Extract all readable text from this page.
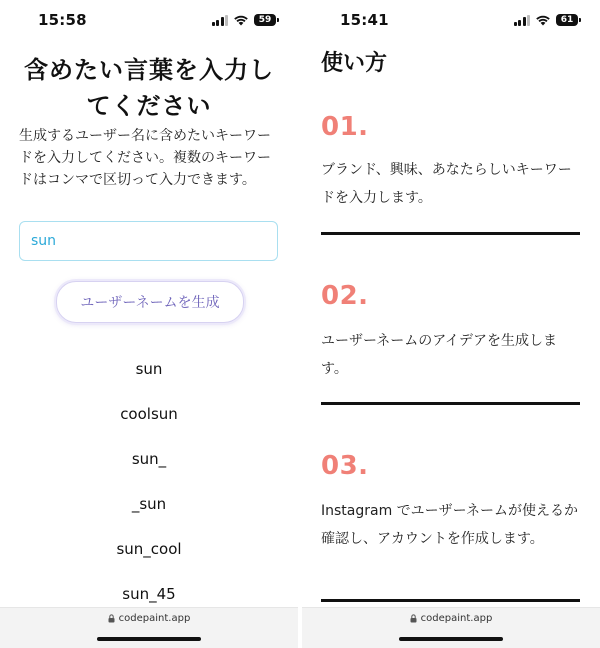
15:58	59
含めたい言葉を入力してください
生成するユーザー名に含めたいキーワードを入力してください。複数のキーワードはコンマで区切って入力できます。
sun
ユーザーネームを生成
sun
coolsun
sun_
_sun
sun_cool
sun_45
codepaint.app
15:41	61
使い方
01.
ブランド、興味、あなたらしいキーワードを入力します。
02.
ユーザーネームのアイデアを生成します。
03.
Instagram でユーザーネームが使えるか確認し、アカウントを作成します。
codepaint.app
